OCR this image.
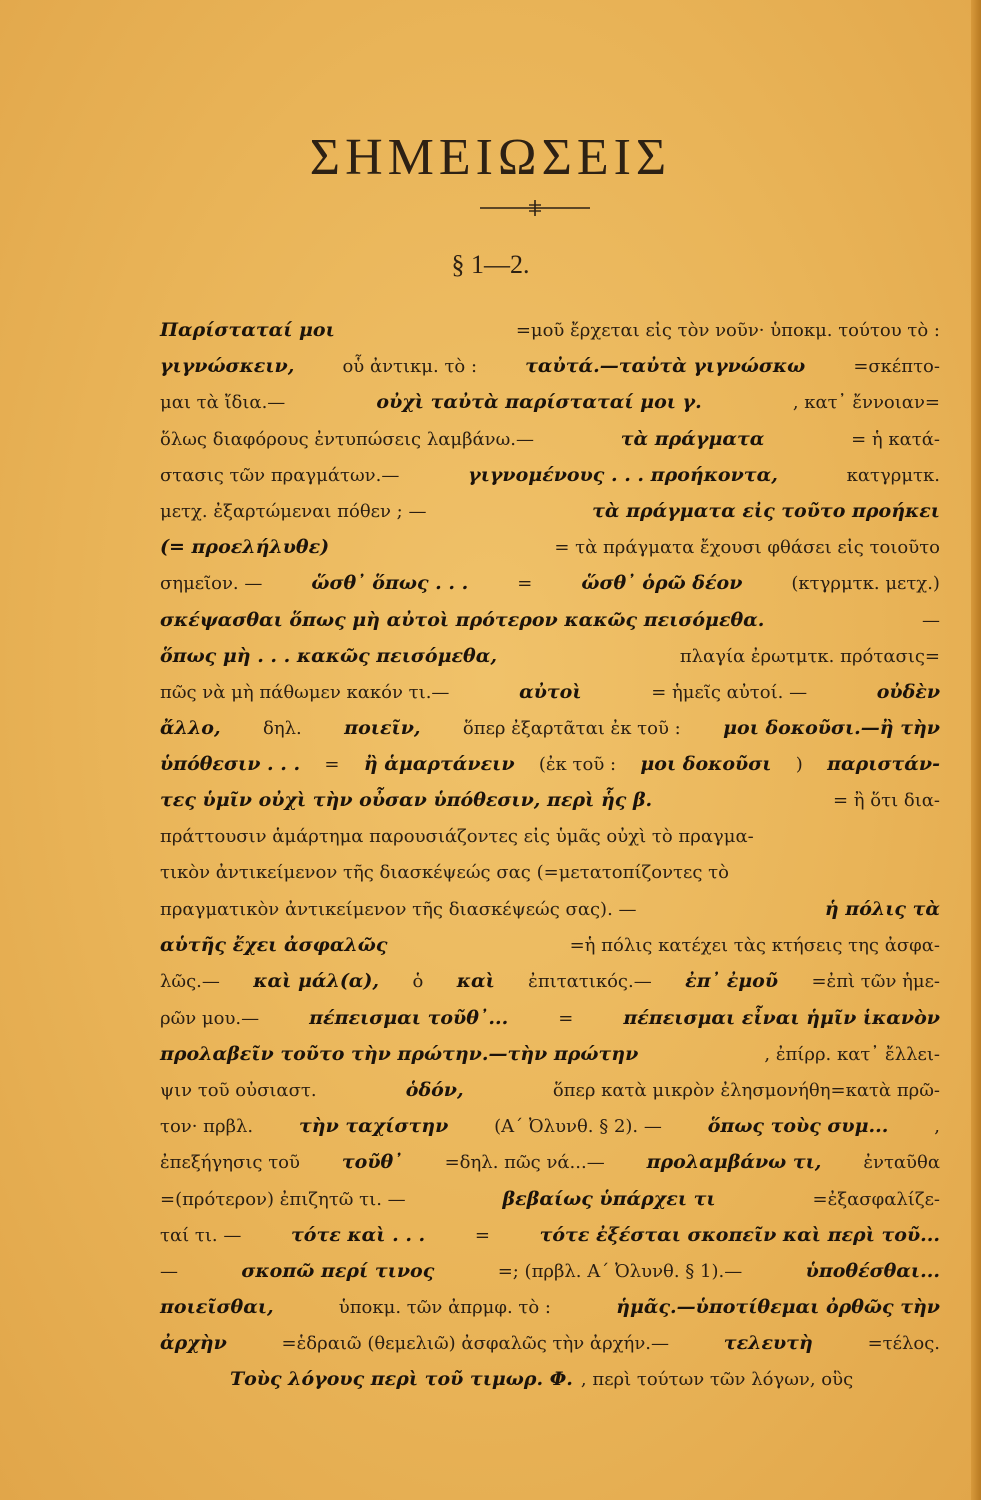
ΣΗΜΕΙΩΣΕΙΣ
§ 1—2.
Παρίσταταί μοι	=μοῦ ἔρχεται εἰς τὸν νοῦν· ὑποκμ. τούτου τὸ :
γιγνώσκειν,	οὗ ἀντικμ. τὸ :	ταὐτά.—ταὐτὰ γιγνώσκω	=σκέπτο-
μαι τὰ ἴδια.—	οὐχὶ ταὐτὰ παρίσταταί μοι γ.	, κατ᾽ ἔννοιαν=
ὅλως διαφόρους ἐντυπώσεις λαμβάνω.—	τὰ πράγματα	= ἡ κατά-
στασις τῶν πραγμάτων.—	γιγνομένους . . . προήκοντα,	κατγρμτκ.
μετχ. ἐξαρτώμεναι πόθεν ; —	τὰ πράγματα εἰς τοῦτο προήκει
(= προελήλυθε)	= τὰ πράγματα ἔχουσι φθάσει εἰς τοιοῦτο
σημεῖον. —	ὥσθ᾽ ὅπως . . .	=	ὥσθ᾽ ὁρῶ δέον	(κτγρμτκ. μετχ.)
σκέψασθαι ὅπως μὴ αὐτοὶ πρότερον κακῶς πεισόμεθα.	—
ὅπως μὴ . . . κακῶς πεισόμεθα,	πλαγία ἐρωτμτκ. πρότασις=
πῶς νὰ μὴ πάθωμεν κακόν τι.—	αὐτοὶ	= ἡμεῖς αὐτοί. —	οὐδὲν
ἄλλο, δηλ. ποιεῖν, ὅπερ ἐξαρτᾶται ἐκ τοῦ : μοι δοκοῦσι.—ἢ τὴν
ὑπόθεσιν . . . = ἢ ἁμαρτάνειν (ἐκ τοῦ : μοι δοκοῦσι ) παριστάν-
τες ὑμῖν οὐχὶ τὴν οὖσαν ὑπόθεσιν, περὶ ἧς β.	= ἢ ὅτι δια-
πράττουσιν ἁμάρτημα παρουσιάζοντες εἰς ὑμᾶς οὐχὶ τὸ πραγμα-
τικὸν ἀντικείμενον τῆς διασκέψεώς σας (=μετατοπίζοντες τὸ
πραγματικὸν ἀντικείμενον τῆς διασκέψεώς σας). —	ἡ πόλις τὰ
αὑτῆς ἔχει ἀσφαλῶς	=ἡ πόλις κατέχει τὰς κτήσεις της ἀσφα-
λῶς.— καὶ μάλ(α), ὁ καὶ ἐπιτατικός.— ἐπ᾽ ἐμοῦ =ἐπὶ τῶν ἡμε-
ρῶν μου.—	πέπεισμαι τοῦθ᾽...	=	πέπεισμαι εἶναι ἡμῖν ἱκανὸν
προλαβεῖν τοῦτο τὴν πρώτην.—τὴν πρώτην	, ἐπίρρ. κατ᾽ ἔλλει-
ψιν τοῦ οὐσιαστ.	ὁδόν,	ὅπερ κατὰ μικρὸν ἐλησμονήθη=κατὰ πρῶ-
τον· πρβλ. τὴν ταχίστην	(Α΄ Ὀλυνθ. § 2). — ὅπως τοὺς συμ...	,
ἐπεξήγησις τοῦ τοῦθ᾽ =δηλ. πῶς νά...— προλαμβάνω τι, ἐνταῦθα
=(πρότερον) ἐπιζητῶ τι. —	βεβαίως ὑπάρχει τι	=ἐξασφαλίζε-
ταί τι. —	τότε καὶ . . .	=	τότε ἐξέσται σκοπεῖν καὶ περὶ τοῦ...
—	σκοπῶ περί τινος	=; (πρβλ. Α΄ Ὀλυνθ. § 1).—	ὑποθέσθαι...
ποιεῖσθαι,	ὑποκμ. τῶν ἀπρμφ. τὸ :	ἡμᾶς.—ὑποτίθεμαι ὀρθῶς τὴν
ἀρχὴν	=ἑδραιῶ (θεμελιῶ) ἀσφαλῶς τὴν ἀρχήν.—	τελευτὴ	=τέλος.
Τοὺς λόγους περὶ τοῦ τιμωρ. Φ. , περὶ τούτων τῶν λόγων, οὓς
